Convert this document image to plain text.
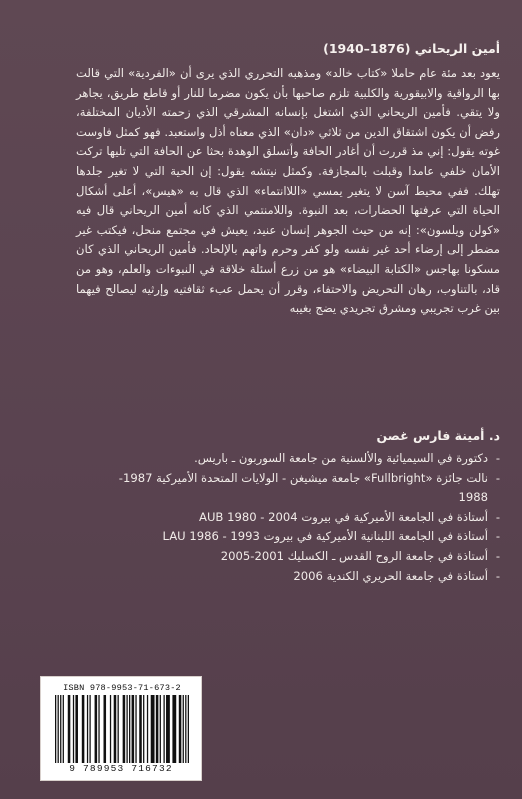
أمين الريحاني (1876–1940)

يعود بعد مئة عام حاملا «كتاب خالد» ومذهبه التحرري الذي يرى أن «الفردية» التي قالت بها الرواقية والابيقورية والكلبية تلزم صاحبها بأن يكون مضرما للنار أو قاطع طريق، يجاهر ولا يتقي. فأمين الريحاني الذي اشتغل بإنسانه المشرقي الذي زحمته الأديان المختلفة، رفض أن يكون اشتقاق الدين من ثلاثي «دان» الذي معناه أذل واستعبد. فهو كمثل فاوست غوته يقول: إني مذ قررت أن أغادر الحافة وأتسلق الوهدة بحثا عن الحافة التي تليها تركت الأمان خلفي عامدا وقبلت بالمجازفة. وكمثل نيتشه يقول: إن الحية التي لا تغير جلدها تهلك. ففي محيط آسن لا يتغير يمسي «اللاانتماء» الذي قال به «هيس»، أعلى أشكال الحياة التي عرفتها الحضارات، بعد النبوة. واللامنتمي الذي كانه أمين الريحاني قال فيه «كولن ويلسون»: إنه من حيث الجوهر إنسان عنيد، يعيش في مجتمع منحل، فيكتب غير مضطر إلى إرضاء أحد غير نفسه ولو كفر وحرم واتهم بالإلحاد. فأمين الريحاني الذي كان مسكونا بهاجس «الكتابة البيضاء» هو من زرع أسئلة خلاقة في النبوءات والعلم، وهو من قاد، بالتناوب، رهان التحريض والاحتفاء، وقرر أن يحمل عبء ثقافتيه وإرثيه ليصالح فيهما بين غرب تجريبي ومشرق تجريدي يضج بغيبه

د. أمينة فارس غصن
-
دكتورة في السيميائية والألسنية من جامعة السوربون ـ باريس.
-
نالت جائزة «Fullbright» جامعة ميشيغن - الولايات المتحدة الأميركية 1987-1988
-
أستاذة في الجامعة الأميركية في بيروت 2004 - 1980 AUB
-
أستاذة في الجامعة اللبنانية الأميركية في بيروت 1993 - 1986 LAU
-
أستاذة في جامعة الروح القدس ـ الكسليك 2001-2005
-
أستاذة في جامعة الحريري الكندية 2006
ISBN 978-9953-71-673-2
9 789953 716732
